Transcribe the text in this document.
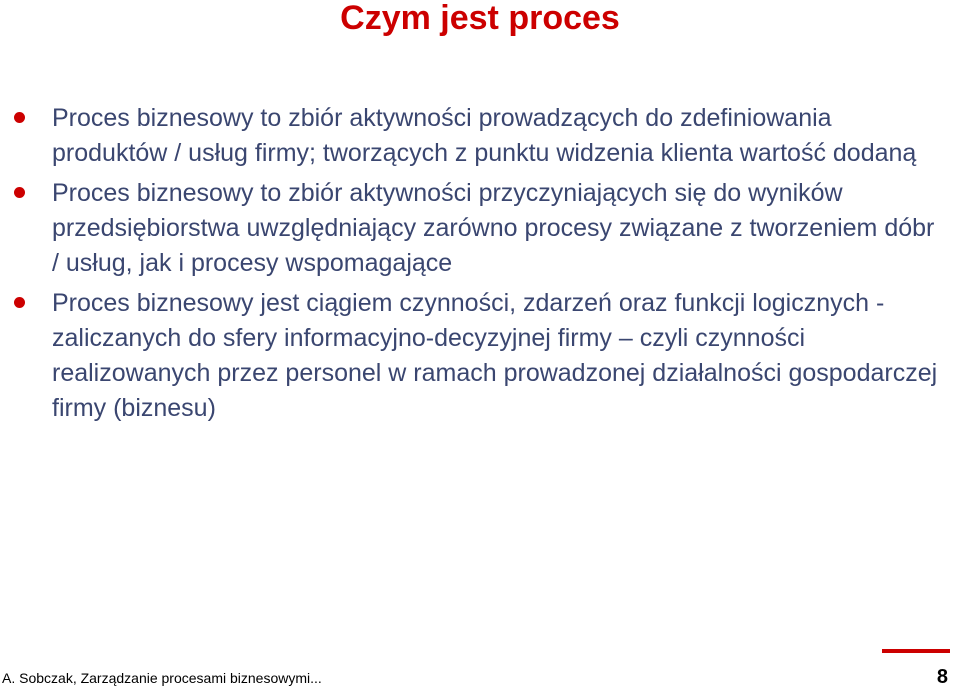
Czym jest proces
Proces biznesowy to zbiór aktywności prowadzących do zdefiniowania produktów / usług firmy; tworzących z punktu widzenia klienta wartość dodaną
Proces biznesowy to zbiór aktywności przyczyniających się do wyników przedsiębiorstwa uwzględniający zarówno procesy związane z tworzeniem dóbr / usług, jak i procesy wspomagające
Proces biznesowy jest ciągiem czynności, zdarzeń oraz funkcji logicznych - zaliczanych do sfery informacyjno-decyzyjnej firmy – czyli czynności realizowanych przez personel w ramach prowadzonej działalności gospodarczej firmy (biznesu)
A. Sobczak, Zarządzanie procesami biznesowymi...	8
